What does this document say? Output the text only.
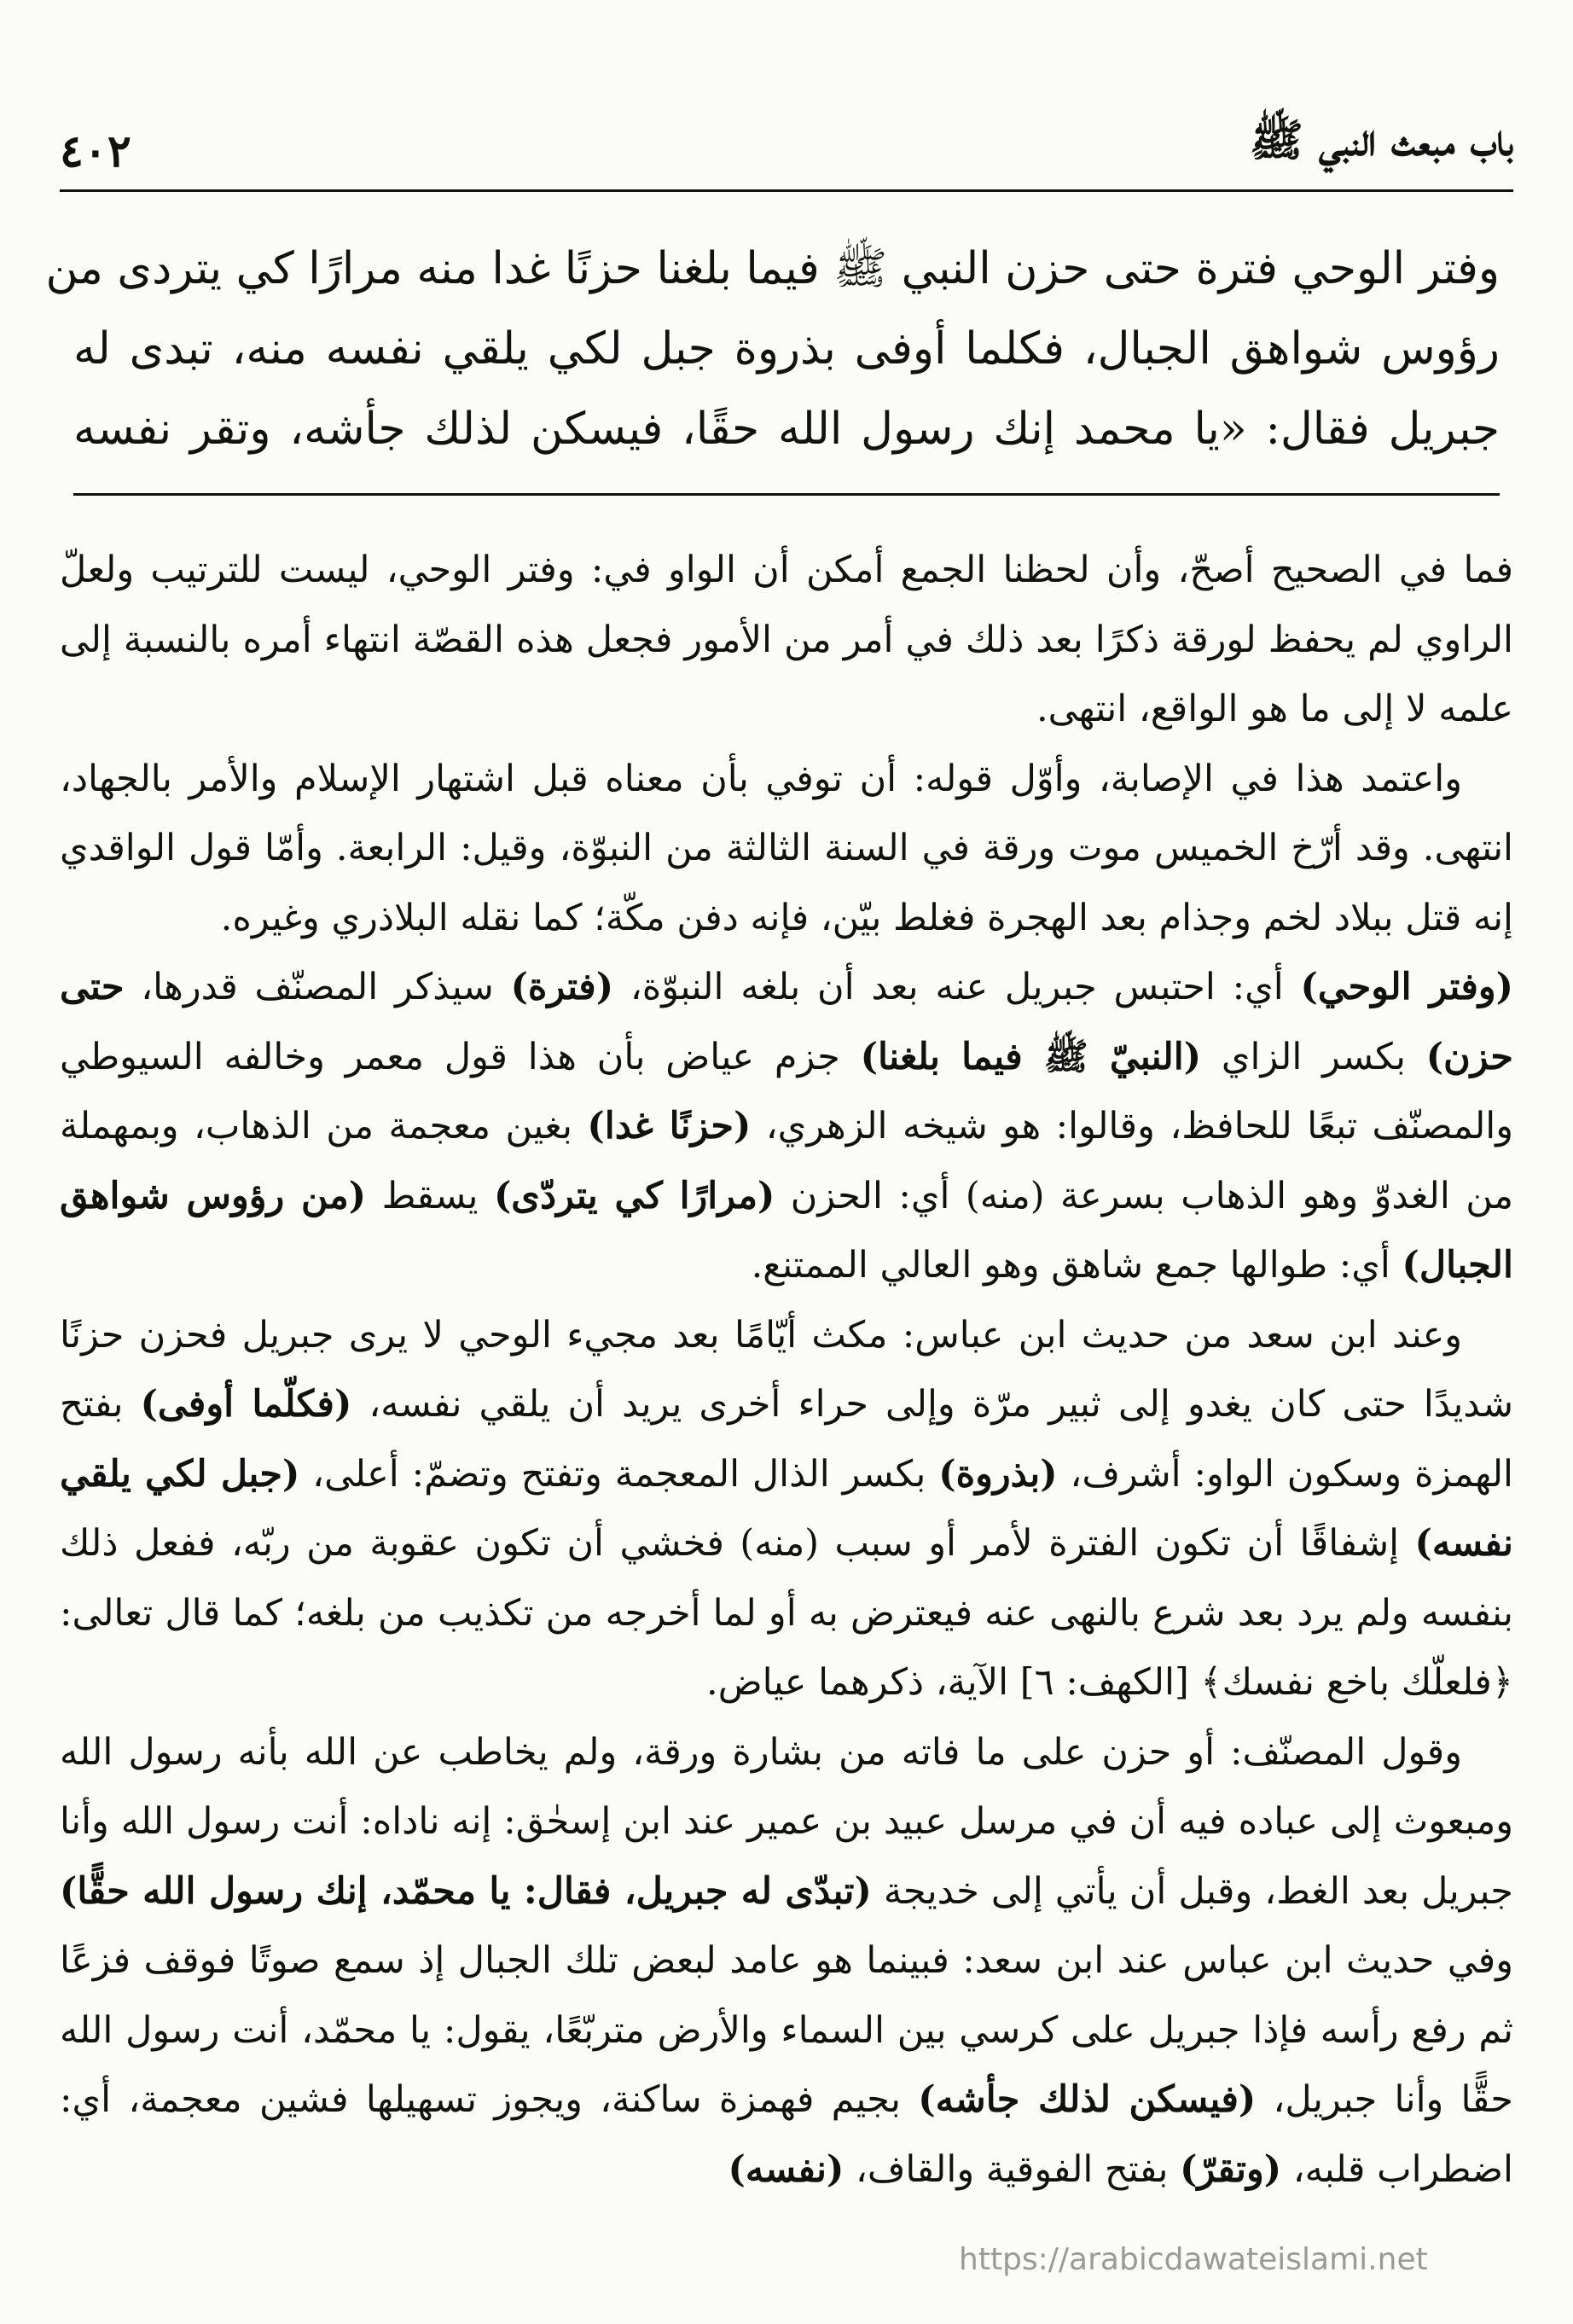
باب مبعث النبي ﷺ
٤٠٢
وفتر الوحي فترة حتى حزن النبي ﷺ فيما بلغنا حزنًا غدا منه مرارًا كي يتردى من
رؤوس شواهق الجبال، فكلما أوفى بذروة جبل لكي يلقي نفسه منه، تبدى له
جبريل فقال: «يا محمد إنك رسول الله حقًا، فيسكن لذلك جأشه، وتقر نفسه

فما في الصحيح أصحّ، وأن لحظنا الجمع أمكن أن الواو في: وفتر الوحي، ليست للترتيب ولعلّ الراوي لم يحفظ لورقة ذكرًا بعد ذلك في أمر من الأمور فجعل هذه القصّة انتهاء أمره بالنسبة إلى علمه لا إلى ما هو الواقع، انتهى.

واعتمد هذا في الإصابة، وأوّل قوله: أن توفي بأن معناه قبل اشتهار الإسلام والأمر بالجهاد، انتهى. وقد أرّخ الخميس موت ورقة في السنة الثالثة من النبوّة، وقيل: الرابعة. وأمّا قول الواقدي إنه قتل ببلاد لخم وجذام بعد الهجرة فغلط بيّن، فإنه دفن مكّة؛ كما نقله البلاذري وغيره.

(وفتر الوحي) أي: احتبس جبريل عنه بعد أن بلغه النبوّة، (فترة) سيذكر المصنّف قدرها، حتى حزن) بكسر الزاي (النبيّ ﷺ فيما بلغنا) جزم عياض بأن هذا قول معمر وخالفه السيوطي والمصنّف تبعًا للحافظ، وقالوا: هو شيخه الزهري، (حزنًا غدا) بغين معجمة من الذهاب، وبمهملة من الغدوّ وهو الذهاب بسرعة (منه) أي: الحزن (مرارًا كي يتردّى) يسقط (من رؤوس شواهق الجبال) أي: طوالها جمع شاهق وهو العالي الممتنع.

وعند ابن سعد من حديث ابن عباس: مكث أيّامًا بعد مجيء الوحي لا يرى جبريل فحزن حزنًا شديدًا حتى كان يغدو إلى ثبير مرّة وإلى حراء أخرى يريد أن يلقي نفسه، (فكلّما أوفى) بفتح الهمزة وسكون الواو: أشرف، (بذروة) بكسر الذال المعجمة وتفتح وتضمّ: أعلى، (جبل لكي يلقي نفسه) إشفاقًا أن تكون الفترة لأمر أو سبب (منه) فخشي أن تكون عقوبة من ربّه، ففعل ذلك بنفسه ولم يرد بعد شرع بالنهى عنه فيعترض به أو لما أخرجه من تكذيب من بلغه؛ كما قال تعالى: ﴿فلعلّك باخع نفسك﴾ [الكهف: ٦] الآية، ذكرهما عياض.

وقول المصنّف: أو حزن على ما فاته من بشارة ورقة، ولم يخاطب عن الله بأنه رسول الله ومبعوث إلى عباده فيه أن في مرسل عبيد بن عمير عند ابن إسحٰق: إنه ناداه: أنت رسول الله وأنا جبريل بعد الغط، وقبل أن يأتي إلى خديجة (تبدّى له جبريل، فقال: يا محمّد، إنك رسول الله حقًّا) وفي حديث ابن عباس عند ابن سعد: فبينما هو عامد لبعض تلك الجبال إذ سمع صوتًا فوقف فزعًا ثم رفع رأسه فإذا جبريل على كرسي بين السماء والأرض متربّعًا، يقول: يا محمّد، أنت رسول الله حقًّا وأنا جبريل، (فيسكن لذلك جأشه) بجيم فهمزة ساكنة، ويجوز تسهيلها فشين معجمة، أي: اضطراب قلبه، (وتقرّ) بفتح الفوقية والقاف، (نفسه)

https://arabicdawateislami.net
